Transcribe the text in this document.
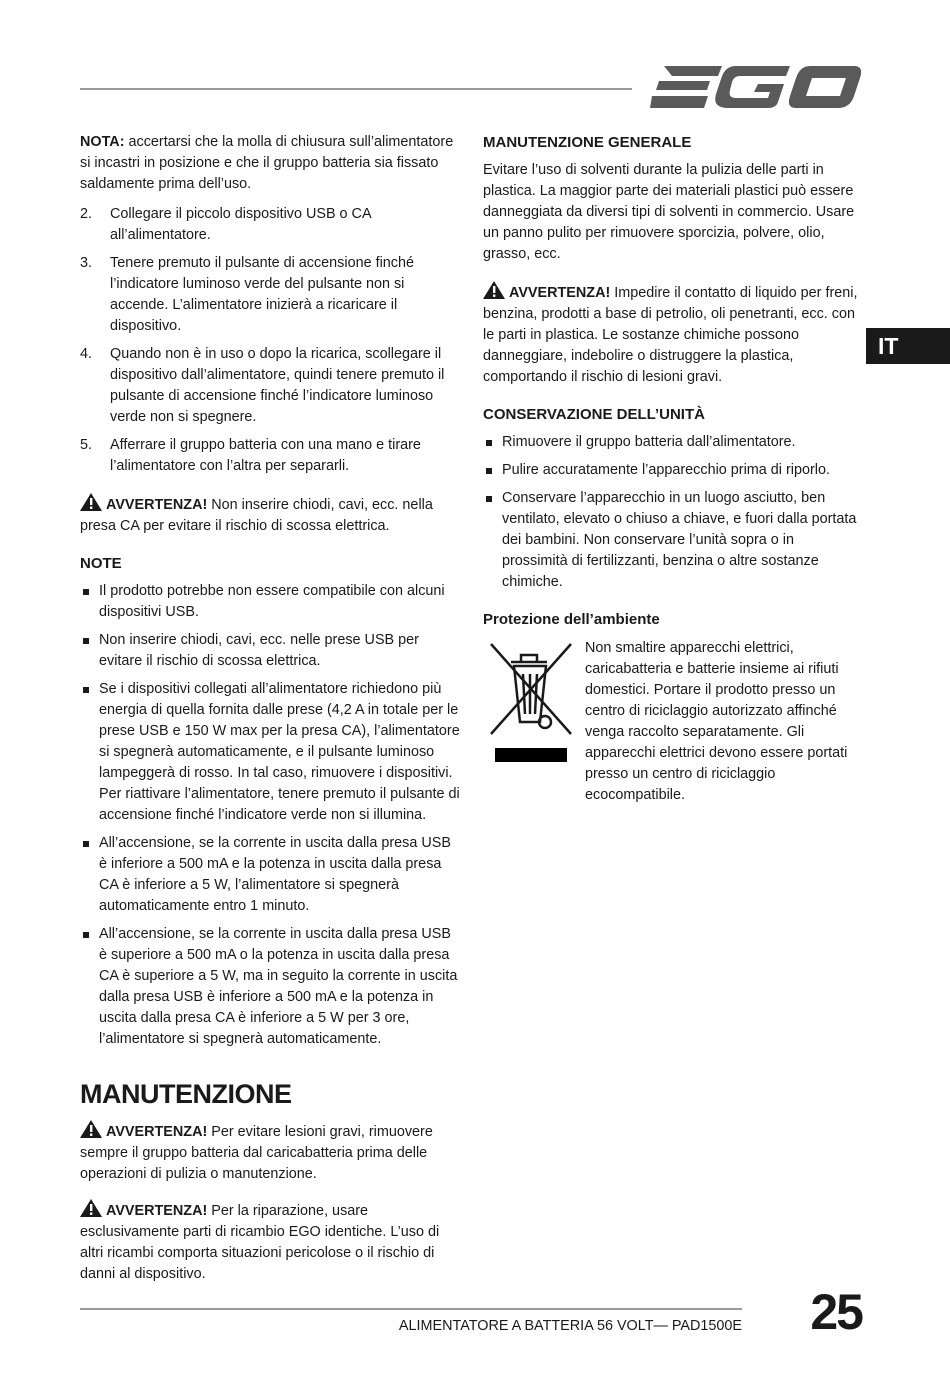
IT

NOTA: accertarsi che la molla di chiusura sull’alimentatore si incastri in posizione e che il gruppo batteria sia fissato saldamente prima dell’uso.

2. Collegare il piccolo dispositivo USB o CA all’alimentatore.
3. Tenere premuto il pulsante di accensione finché l’indicatore luminoso verde del pulsante non si accende. L’alimentatore inizierà a ricaricare il dispositivo.
4. Quando non è in uso o dopo la ricarica, scollegare il dispositivo dall’alimentatore, quindi tenere premuto il pulsante di accensione finché l’indicatore luminoso verde non si spegnere.
5. Afferrare il gruppo batteria con una mano e tirare l’alimentatore con l’altra per separarli.

AVVERTENZA! Non inserire chiodi, cavi, ecc. nella presa CA per evitare il rischio di scossa elettrica.

NOTE
Il prodotto potrebbe non essere compatibile con alcuni dispositivi USB.
Non inserire chiodi, cavi, ecc. nelle prese USB per evitare il rischio di scossa elettrica.
Se i dispositivi collegati all’alimentatore richiedono più energia di quella fornita dalle prese (4,2 A in totale per le prese USB e 150 W max per la presa CA), l’alimentatore si spegnerà automaticamente, e il pulsante luminoso lampeggerà di rosso. In tal caso, rimuovere i dispositivi. Per riattivare l’alimentatore, tenere premuto il pulsante di accensione finché l’indicatore verde non si illumina.
All’accensione, se la corrente in uscita dalla presa USB è inferiore a 500 mA e la potenza in uscita dalla presa CA è inferiore a 5 W, l’alimentatore si spegnerà automaticamente entro 1 minuto.
All’accensione, se la corrente in uscita dalla presa USB è superiore a 500 mA o la potenza in uscita dalla presa CA è superiore a 5 W, ma in seguito la corrente in uscita dalla presa USB è inferiore a 500 mA e la potenza in uscita dalla presa CA è inferiore a 5 W per 3 ore, l’alimentatore si spegnerà automaticamente.
MANUTENZIONE

AVVERTENZA! Per evitare lesioni gravi, rimuovere sempre il gruppo batteria dal caricabatteria prima delle operazioni di pulizia o manutenzione.

AVVERTENZA! Per la riparazione, usare esclusivamente parti di ricambio EGO identiche. L’uso di altri ricambi comporta situazioni pericolose o il rischio di danni al dispositivo.

MANUTENZIONE GENERALE

Evitare l’uso di solventi durante la pulizia delle parti in plastica. La maggior parte dei materiali plastici può essere danneggiata da diversi tipi di solventi in commercio. Usare un panno pulito per rimuovere sporcizia, polvere, olio, grasso, ecc.

AVVERTENZA! Impedire il contatto di liquido per freni, benzina, prodotti a base di petrolio, oli penetranti, ecc. con le parti in plastica. Le sostanze chimiche possono danneggiare, indebolire o distruggere la plastica, comportando il rischio di lesioni gravi.

CONSERVAZIONE DELL’UNITÀ
Rimuovere il gruppo batteria dall’alimentatore.
Pulire accuratamente l’apparecchio prima di riporlo.
Conservare l’apparecchio in un luogo asciutto, ben ventilato, elevato o chiuso a chiave, e fuori dalla portata dei bambini. Non conservare l’unità sopra o in prossimità di fertilizzanti, benzina o altre sostanze chimiche.
Protezione dell’ambiente
Non smaltire apparecchi elettrici, caricabatteria e batterie insieme ai rifiuti domestici. Portare il prodotto presso un centro di riciclaggio autorizzato affinché venga raccolto separatamente. Gli apparecchi elettrici devono essere portati presso un centro di riciclaggio ecocompatibile.
ALIMENTATORE A BATTERIA 56 VOLT— PAD1500E	25
